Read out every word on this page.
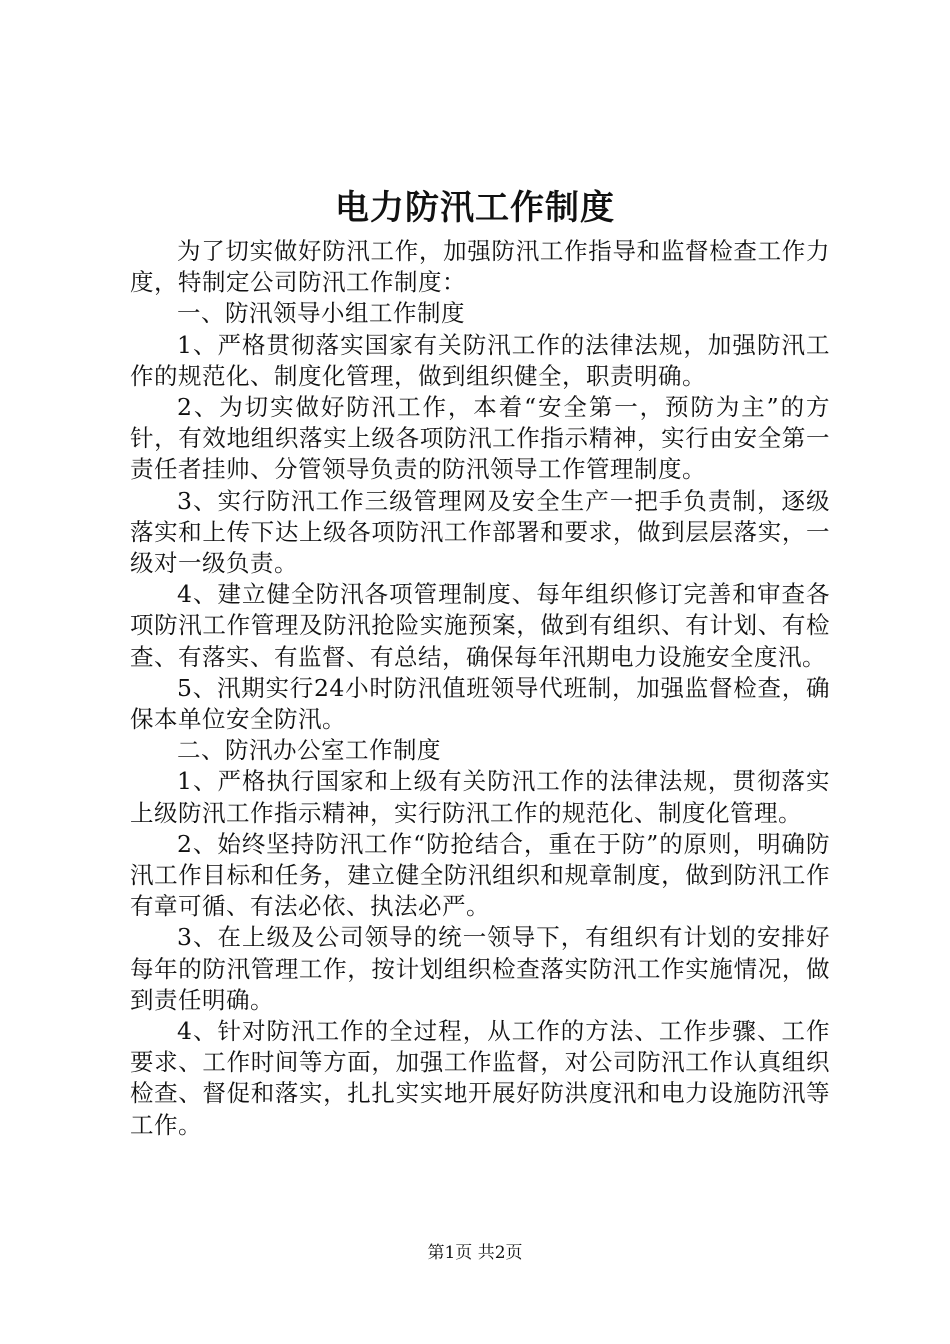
电力防汛工作制度

为了切实做好防汛工作，加强防汛工作指导和监督检查工作力度，特制定公司防汛工作制度：

一、防汛领导小组工作制度

1、严格贯彻落实国家有关防汛工作的法律法规，加强防汛工作的规范化、制度化管理，做到组织健全，职责明确。

2、为切实做好防汛工作，本着“安全第一，预防为主”的方针，有效地组织落实上级各项防汛工作指示精神，实行由安全第一责任者挂帅、分管领导负责的防汛领导工作管理制度。

3、实行防汛工作三级管理网及安全生产一把手负责制，逐级落实和上传下达上级各项防汛工作部署和要求，做到层层落实，一级对一级负责。

4、建立健全防汛各项管理制度、每年组织修订完善和审查各项防汛工作管理及防汛抢险实施预案，做到有组织、有计划、有检查、有落实、有监督、有总结，确保每年汛期电力设施安全度汛。

5、汛期实行24小时防汛值班领导代班制，加强监督检查，确保本单位安全防汛。

二、防汛办公室工作制度

1、严格执行国家和上级有关防汛工作的法律法规，贯彻落实上级防汛工作指示精神，实行防汛工作的规范化、制度化管理。

2、始终坚持防汛工作“防抢结合，重在于防”的原则，明确防汛工作目标和任务，建立健全防汛组织和规章制度，做到防汛工作有章可循、有法必依、执法必严。

3、在上级及公司领导的统一领导下，有组织有计划的安排好每年的防汛管理工作，按计划组织检查落实防汛工作实施情况，做到责任明确。

4、针对防汛工作的全过程，从工作的方法、工作步骤、工作要求、工作时间等方面，加强工作监督，对公司防汛工作认真组织检查、督促和落实，扎扎实实地开展好防洪度汛和电力设施防汛等工作。

第1页 共2页
